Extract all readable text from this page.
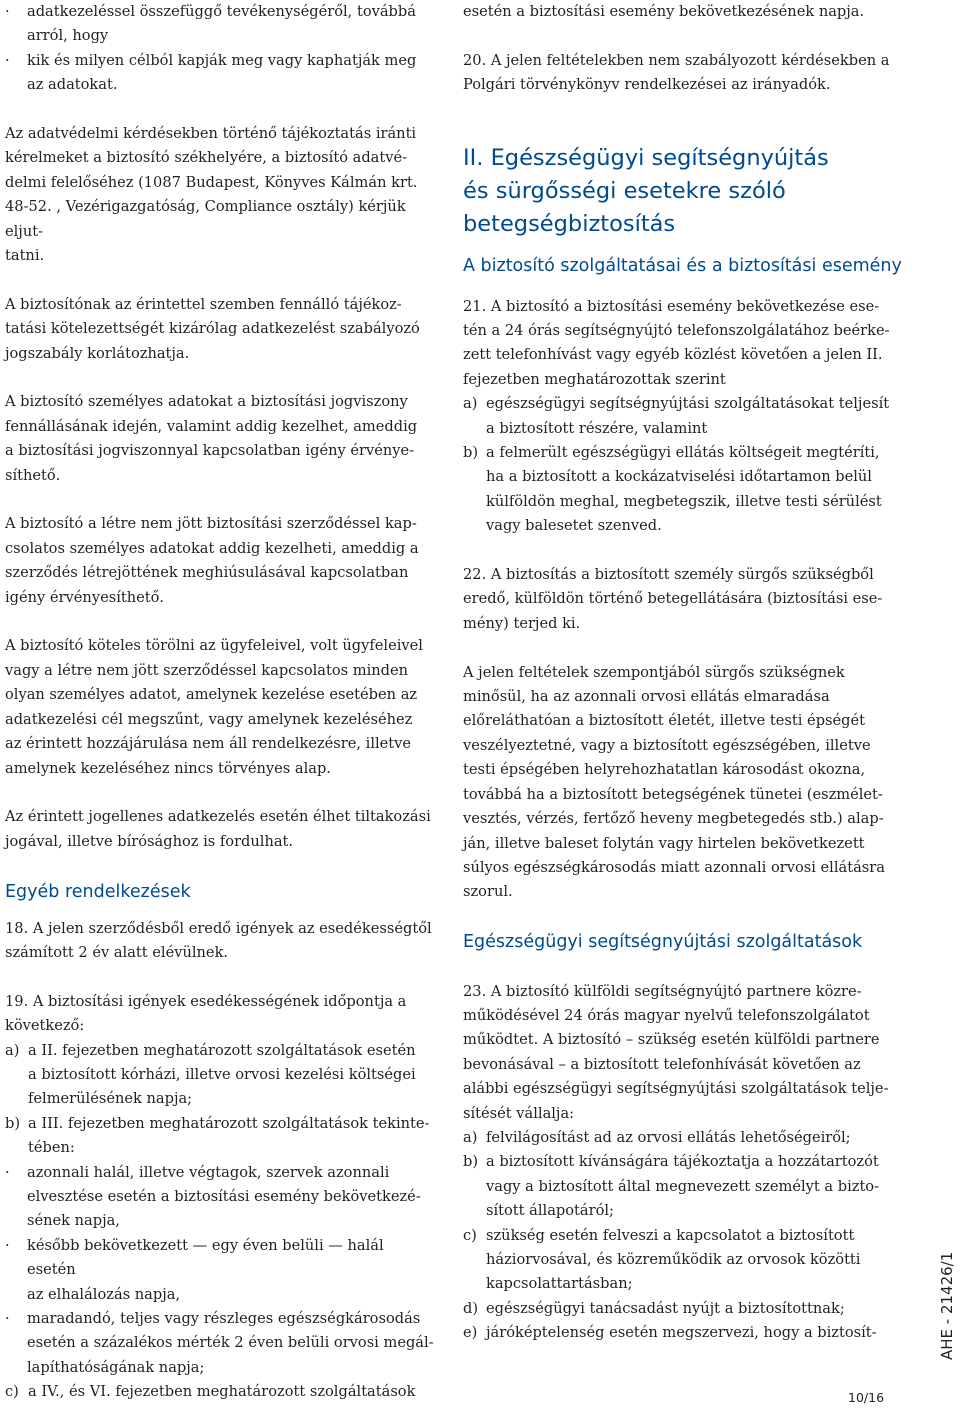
· adatkezeléssel összefüggő tevékenységéről, továbbá
arról, hogy
· kik és milyen célból kapják meg vagy kaphatják meg
az adatokat.

Az adatvédelmi kérdésekben történő tájékoztatás iránti
kérelmeket a biztosító székhelyére, a biztosító adatvé-
delmi felelőséhez (1087 Budapest, Könyves Kálmán krt.
48-52. , Vezérigazgatóság, Compliance osztály) kérjük eljut-
tatni.

A biztosítónak az érintettel szemben fennálló tájékoz-
tatási kötelezettségét kizárólag adatkezelést szabályozó
jogszabály korlátozhatja.

A biztosító személyes adatokat a biztosítási jogviszony
fennállásának idején, valamint addig kezelhet, ameddig
a biztosítási jogviszonnyal kapcsolatban igény érvénye-
síthető.

A biztosító a létre nem jött biztosítási szerződéssel kap-
csolatos személyes adatokat addig kezelheti, ameddig a
szerződés létrejöttének meghiúsulásával kapcsolatban
igény érvényesíthető.

A biztosító köteles törölni az ügyfeleivel, volt ügyfeleivel
vagy a létre nem jött szerződéssel kapcsolatos minden
olyan személyes adatot, amelynek kezelése esetében az
adatkezelési cél megszűnt, vagy amelynek kezeléséhez
az érintett hozzájárulása nem áll rendelkezésre, illetve
amelynek kezeléséhez nincs törvényes alap.

Az érintett jogellenes adatkezelés esetén élhet tiltakozási
jogával, illetve bírósághoz is fordulhat.

Egyéb rendelkezések

18. A jelen szerződésből eredő igények az esedékességtől
számított 2 év alatt elévülnek.

19. A biztosítási igények esedékességének időpontja a
következő:

a) a II. fejezetben meghatározott szolgáltatások esetén
a biztosított kórházi, illetve orvosi kezelési költségei
felmerülésének napja;
b) a III. fejezetben meghatározott szolgáltatások tekinte-
tében:
· azonnali halál, illetve végtagok, szervek azonnali
elvesztése esetén a biztosítási esemény bekövetkezé-
sének napja,
· később bekövetkezett — egy éven belüli — halál esetén
az elhalálozás napja,
· maradandó, teljes vagy részleges egészségkárosodás
esetén a százalékos mérték 2 éven belüli orvosi megál-
lapíthatóságának napja;
c) a IV., és VI. fejezetben meghatározott szolgáltatások

esetén a biztosítási esemény bekövetkezésének napja.

20. A jelen feltételekben nem szabályozott kérdésekben a
Polgári törvénykönyv rendelkezései az irányadók.

II. Egészségügyi segítségnyújtás
és sürgősségi esetekre szóló
betegségbiztosítás
A biztosító szolgáltatásai és a biztosítási esemény

21. A biztosító a biztosítási esemény bekövetkezése ese-
tén a 24 órás segítségnyújtó telefonszolgálatához beérke-
zett telefonhívást vagy egyéb közlést követően a jelen II.
fejezetben meghatározottak szerint

a) egészségügyi segítségnyújtási szolgáltatásokat teljesít
a biztosított részére, valamint
b) a felmerült egészségügyi ellátás költségeit megtéríti,
ha a biztosított a kockázatviselési időtartamon belül
külföldön meghal, megbetegszik, illetve testi sérülést
vagy balesetet szenved.

22. A biztosítás a biztosított személy sürgős szükségből
eredő, külföldön történő betegellátására (biztosítási ese-
mény) terjed ki.

A jelen feltételek szempontjából sürgős szükségnek
minősül, ha az azonnali orvosi ellátás elmaradása
előreláthatóan a biztosított életét, illetve testi épségét
veszélyeztetné, vagy a biztosított egészségében, illetve
testi épségében helyrehozhatatlan károsodást okozna,
továbbá ha a biztosított betegségének tünetei (eszmélet-
vesztés, vérzés, fertőző heveny megbetegedés stb.) alap-
ján, illetve baleset folytán vagy hirtelen bekövetkezett
súlyos egészségkárosodás miatt azonnali orvosi ellátásra
szorul.

Egészségügyi segítségnyújtási szolgáltatások

23. A biztosító külföldi segítségnyújtó partnere közre-
működésével 24 órás magyar nyelvű telefonszolgálatot
működtet. A biztosító – szükség esetén külföldi partnere
bevonásával – a biztosított telefonhívását követően az
alábbi egészségügyi segítségnyújtási szolgáltatások telje-
sítését vállalja:

a) felvilágosítást ad az orvosi ellátás lehetőségeiről;
b) a biztosított kívánságára tájékoztatja a hozzátartozót
vagy a biztosított által megnevezett személyt a bizto-
sított állapotáról;
c) szükség esetén felveszi a kapcsolatot a biztosított
háziorvosával, és közreműködik az orvosok közötti
kapcsolattartásban;
d) egészségügyi tanácsadást nyújt a biztosítottnak;
e) járóképtelenség esetén megszervezi, hogy a biztosít-	AHE - 21426/1
10/16
